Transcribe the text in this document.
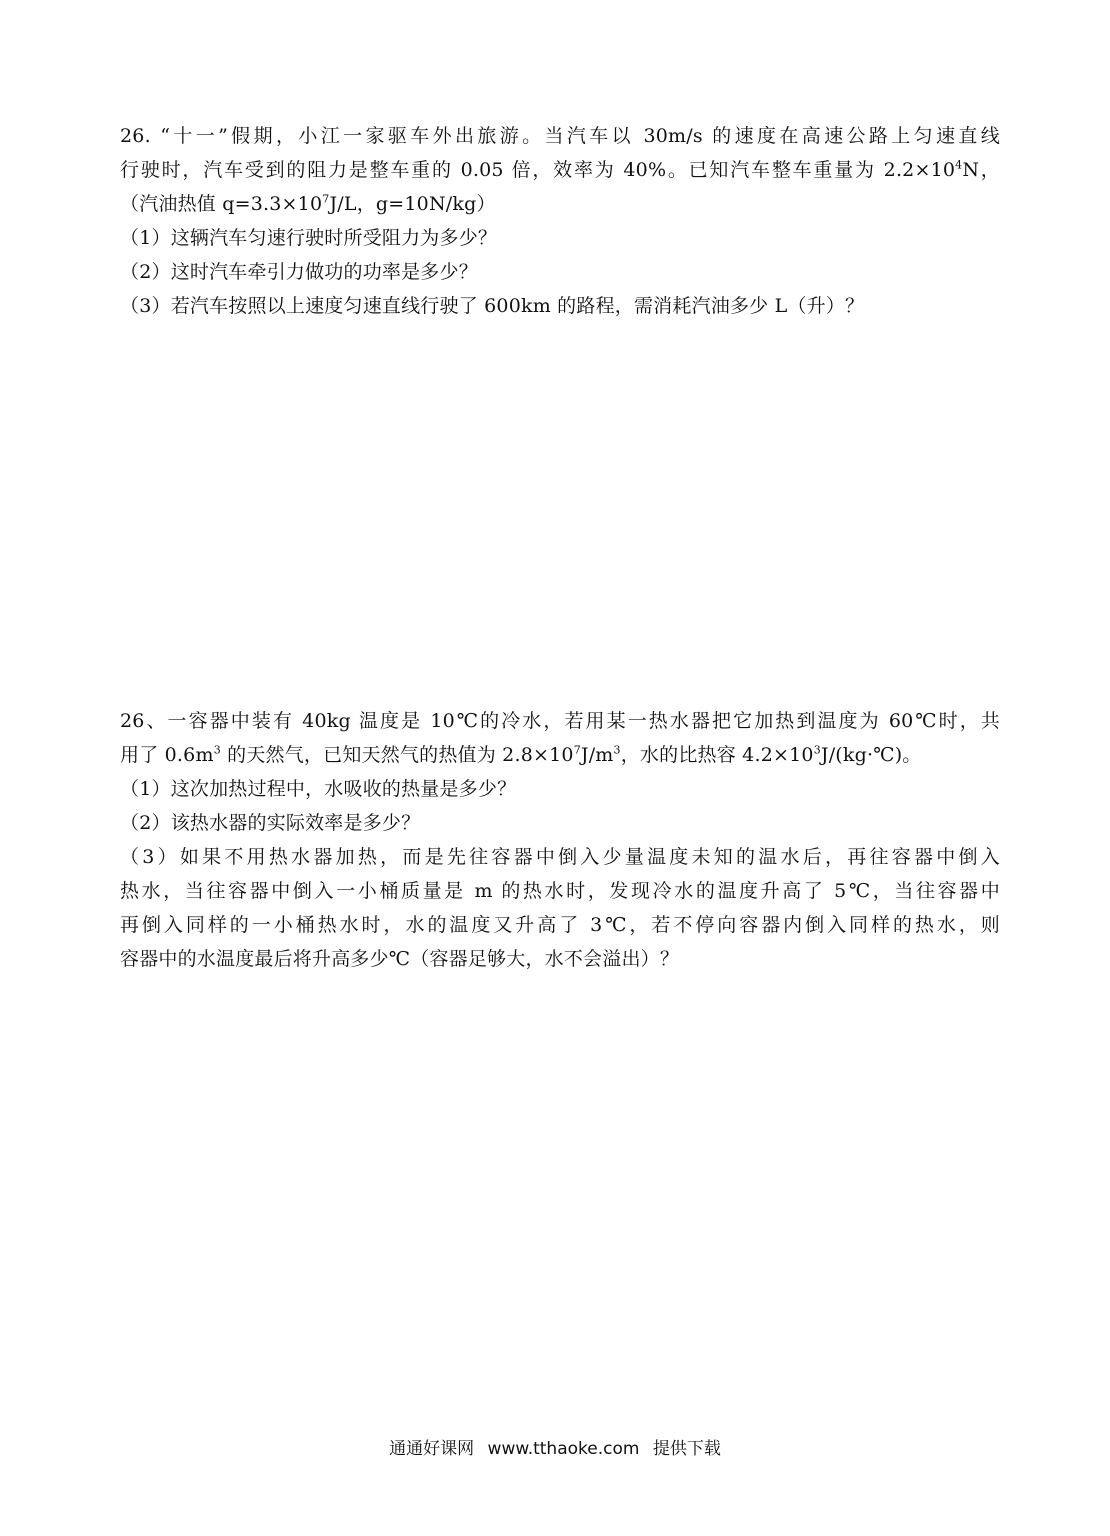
26. “十一”假期，小江一家驱车外出旅游。当汽车以 30m/s 的速度在高速公路上匀速直线
行驶时，汽车受到的阻力是整车重的 0.05 倍，效率为 40%。已知汽车整车重量为 $2.2\times 10^4N$，
（汽油热值 $q=3.3\times 10^7J/L$，g=10N/kg）
（1）这辆汽车匀速行驶时所受阻力为多少？
（2）这时汽车牵引力做功的功率是多少？
（3）若汽车按照以上速度匀速直线行驶了 600km 的路程，需消耗汽油多少 L（升）？
26、一容器中装有 40kg 温度是 10℃的冷水，若用某一热水器把它加热到温度为 60℃时，共
用了 $0.6m^3$ 的天然气，已知天然气的热值为 $2.8\times 10^7J/m^3$，水的比热容 $4.2\times 10^3J/(kg\cdot℃)$。
（1）这次加热过程中，水吸收的热量是多少？
（2）该热水器的实际效率是多少？
（3）如果不用热水器加热，而是先往容器中倒入少量温度未知的温水后，再往容器中倒入
热水，当往容器中倒入一小桶质量是 m 的热水时，发现冷水的温度升高了 5℃，当往容器中
再倒入同样的一小桶热水时，水的温度又升高了 3℃，若不停向容器内倒入同样的热水，则
容器中的水温度最后将升高多少℃（容器足够大，水不会溢出）？
通通好课网 www.tthaoke.com 提供下载
